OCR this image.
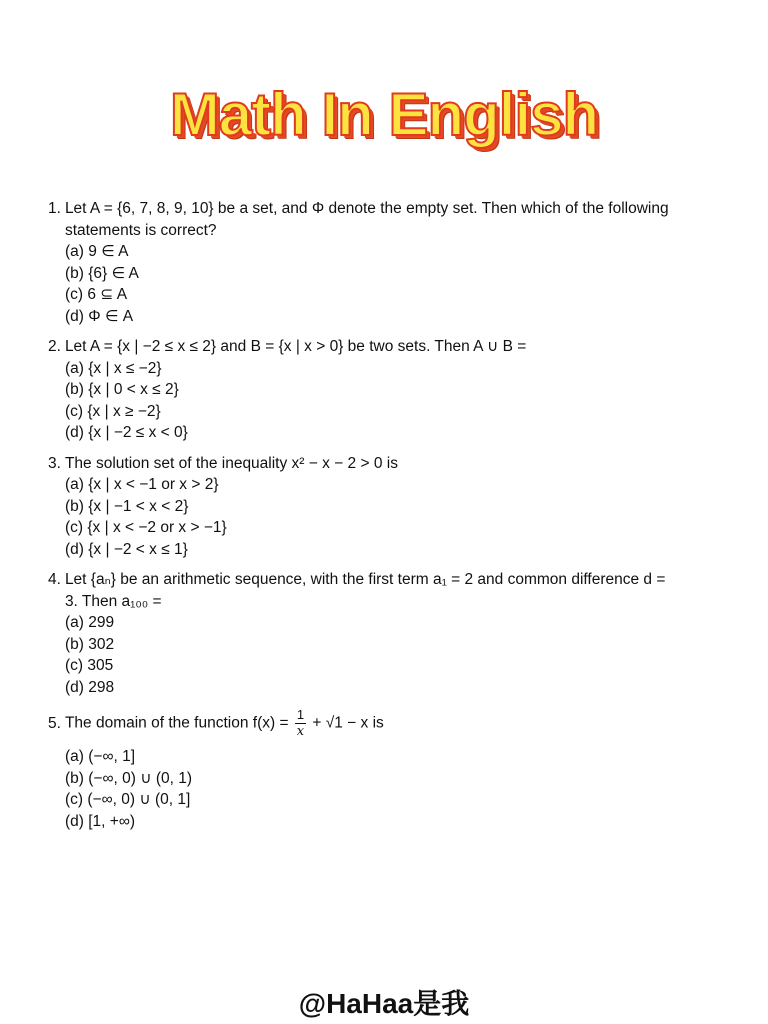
Math In English
1. Let A = {6, 7, 8, 9, 10} be a set, and Φ denote the empty set. Then which of the following
statements is correct?
(a) 9 ∈ A
(b) {6} ∈ A
(c) 6 ⊆ A
(d) Φ ∈ A
2. Let A = {x | −2 ≤ x ≤ 2} and B = {x | x > 0} be two sets. Then A ∪ B =
(a) {x | x ≤ −2}
(b) {x | 0 < x ≤ 2}
(c) {x | x ≥ −2}
(d) {x | −2 ≤ x < 0}
3. The solution set of the inequality x² − x − 2 > 0 is
(a) {x | x < −1 or x > 2}
(b) {x | −1 < x < 2}
(c) {x | x < −2 or x > −1}
(d) {x | −2 < x ≤ 1}
4. Let {aₙ} be an arithmetic sequence, with the first term a₁ = 2 and common difference d =
3. Then a₁₀₀ =
(a) 299
(b) 302
(c) 305
(d) 298
5. The domain of the function $f(x) = \frac{1}{x} + √1 - x$ is
(a) (−∞, 1]
(b) (−∞, 0) ∪ (0, 1)
(c) (−∞, 0) ∪ (0, 1]
(d) [1, +∞)
@HaHaa是我
